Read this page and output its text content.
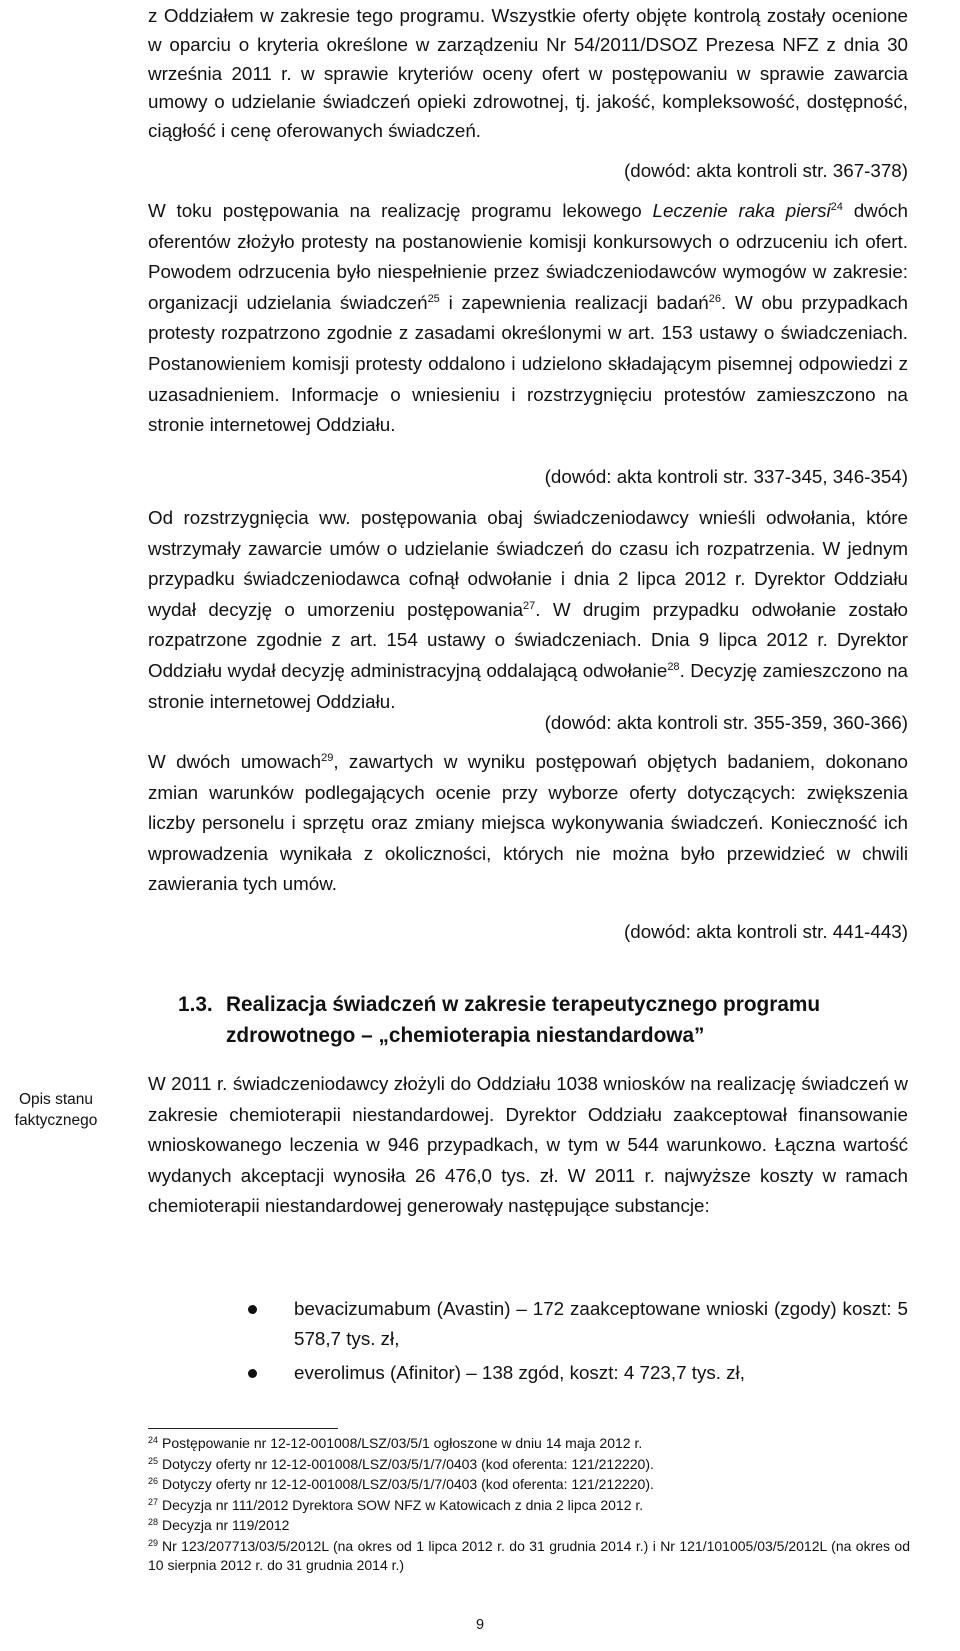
z Oddziałem w zakresie tego programu. Wszystkie oferty objęte kontrolą zostały ocenione w oparciu o kryteria określone w zarządzeniu Nr 54/2011/DSOZ Prezesa NFZ z dnia 30 września 2011 r. w sprawie kryteriów oceny ofert w postępowaniu w sprawie zawarcia umowy o udzielanie świadczeń opieki zdrowotnej, tj. jakość, kompleksowość, dostępność, ciągłość i cenę oferowanych świadczeń.

(dowód: akta kontroli str. 367-378)

W toku postępowania na realizację programu lekowego Leczenie raka piersi$^{24}$ dwóch oferentów złożyło protesty na postanowienie komisji konkursowych o odrzuceniu ich ofert. Powodem odrzucenia było niespełnienie przez świadczeniodawców wymogów w zakresie: organizacji udzielania świadczeń$^{25}$ i zapewnienia realizacji badań$^{26}$. W obu przypadkach protesty rozpatrzono zgodnie z zasadami określonymi w art. 153 ustawy o świadczeniach. Postanowieniem komisji protesty oddalono i udzielono składającym pisemnej odpowiedzi z uzasadnieniem. Informacje o wniesieniu i rozstrzygnięciu protestów zamieszczono na stronie internetowej Oddziału.

(dowód: akta kontroli str. 337-345, 346-354)

Od rozstrzygnięcia ww. postępowania obaj świadczeniodawcy wnieśli odwołania, które wstrzymały zawarcie umów o udzielanie świadczeń do czasu ich rozpatrzenia. W jednym przypadku świadczeniodawca cofnął odwołanie i dnia 2 lipca 2012 r. Dyrektor Oddziału wydał decyzję o umorzeniu postępowania$^{27}$. W drugim przypadku odwołanie zostało rozpatrzone zgodnie z art. 154 ustawy o świadczeniach. Dnia 9 lipca 2012 r. Dyrektor Oddziału wydał decyzję administracyjną oddalającą odwołanie$^{28}$. Decyzję zamieszczono na stronie internetowej Oddziału.

(dowód: akta kontroli str. 355-359, 360-366)

W dwóch umowach$^{29}$, zawartych w wyniku postępowań objętych badaniem, dokonano zmian warunków podlegających ocenie przy wyborze oferty dotyczących: zwiększenia liczby personelu i sprzętu oraz zmiany miejsca wykonywania świadczeń. Konieczność ich wprowadzenia wynikała z okoliczności, których nie można było przewidzieć w chwili zawierania tych umów.

(dowód: akta kontroli str. 441-443)

1.3. Realizacja świadczeń w zakresie terapeutycznego programu
zdrowotnego – „chemioterapia niestandardowa”

Opis stanu faktycznego

W 2011 r. świadczeniodawcy złożyli do Oddziału 1038 wniosków na realizację świadczeń w zakresie chemioterapii niestandardowej. Dyrektor Oddziału zaakceptował finansowanie wnioskowanego leczenia w 946 przypadkach, w tym w 544 warunkowo. Łączna wartość wydanych akceptacji wynosiła 26 476,0 tys. zł. W 2011 r. najwyższe koszty w ramach chemioterapii niestandardowej generowały następujące substancje:

bevacizumabum (Avastin) – 172 zaakceptowane wnioski (zgody) koszt: 5 578,7 tys. zł,
everolimus (Afinitor) – 138 zgód, koszt: 4 723,7 tys. zł,

$^{24}$ Postępowanie nr 12-12-001008/LSZ/03/5/1 ogłoszone w dniu 14 maja 2012 r.

$^{25}$ Dotyczy oferty nr 12-12-001008/LSZ/03/5/1/7/0403 (kod oferenta: 121/212220).

$^{26}$ Dotyczy oferty nr 12-12-001008/LSZ/03/5/1/7/0403 (kod oferenta: 121/212220).

$^{27}$ Decyzja nr 111/2012 Dyrektora SOW NFZ w Katowicach z dnia 2 lipca 2012 r.

$^{28}$ Decyzja nr 119/2012

$^{29}$ Nr 123/207713/03/5/2012L (na okres od 1 lipca 2012 r. do 31 grudnia 2014 r.) i Nr 121/101005/03/5/2012L (na okres od 10 sierpnia 2012 r. do 31 grudnia 2014 r.)

9
